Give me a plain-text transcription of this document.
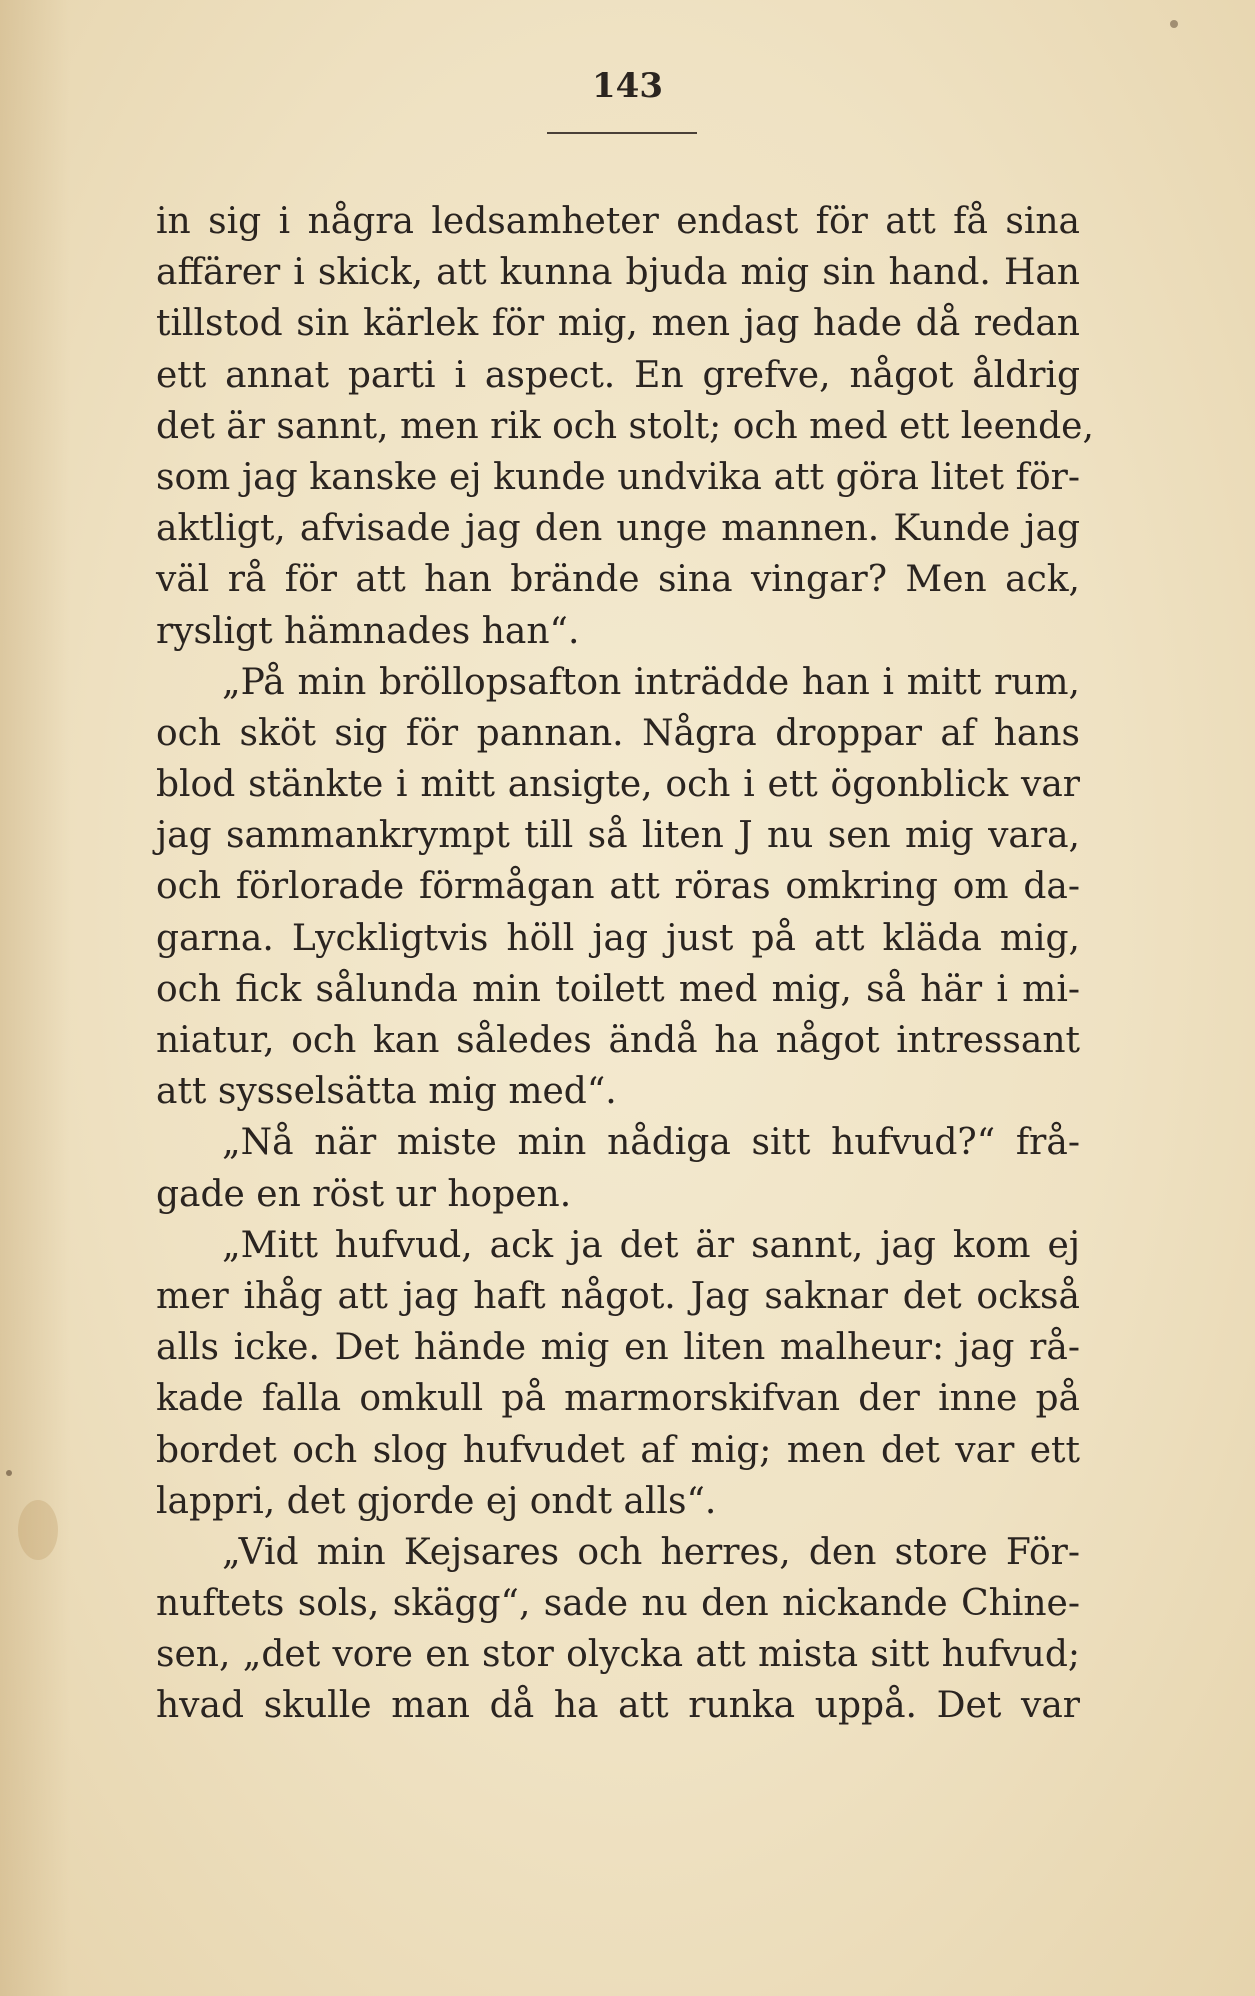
143
in sig i några ledsamheter endast för att få sina
affärer i skick, att kunna bjuda mig sin hand. Han
tillstod sin kärlek för mig, men jag hade då redan
ett annat parti i aspect. En grefve, något åldrig
det är sannt, men rik och stolt; och med ett leende,
som jag kanske ej kunde undvika att göra litet för-
aktligt, afvisade jag den unge mannen. Kunde jag
väl rå för att han brände sina vingar? Men ack,
rysligt hämnades han“.
„På min bröllopsafton inträdde han i mitt rum,
och sköt sig för pannan. Några droppar af hans
blod stänkte i mitt ansigte, och i ett ögonblick var
jag sammankrympt till så liten J nu sen mig vara,
och förlorade förmågan att röras omkring om da-
garna. Lyckligtvis höll jag just på att kläda mig,
och fick sålunda min toilett med mig, så här i mi-
niatur, och kan således ändå ha något intressant
att sysselsätta mig med“.
„Nå när miste min nådiga sitt hufvud?“ frå-
gade en röst ur hopen.
„Mitt hufvud, ack ja det är sannt, jag kom ej
mer ihåg att jag haft något. Jag saknar det också
alls icke. Det hände mig en liten malheur: jag rå-
kade falla omkull på marmorskifvan der inne på
bordet och slog hufvudet af mig; men det var ett
lappri, det gjorde ej ondt alls“.
„Vid min Kejsares och herres, den store För-
nuftets sols, skägg“, sade nu den nickande Chine-
sen, „det vore en stor olycka att mista sitt hufvud;
hvad skulle man då ha att runka uppå. Det var
